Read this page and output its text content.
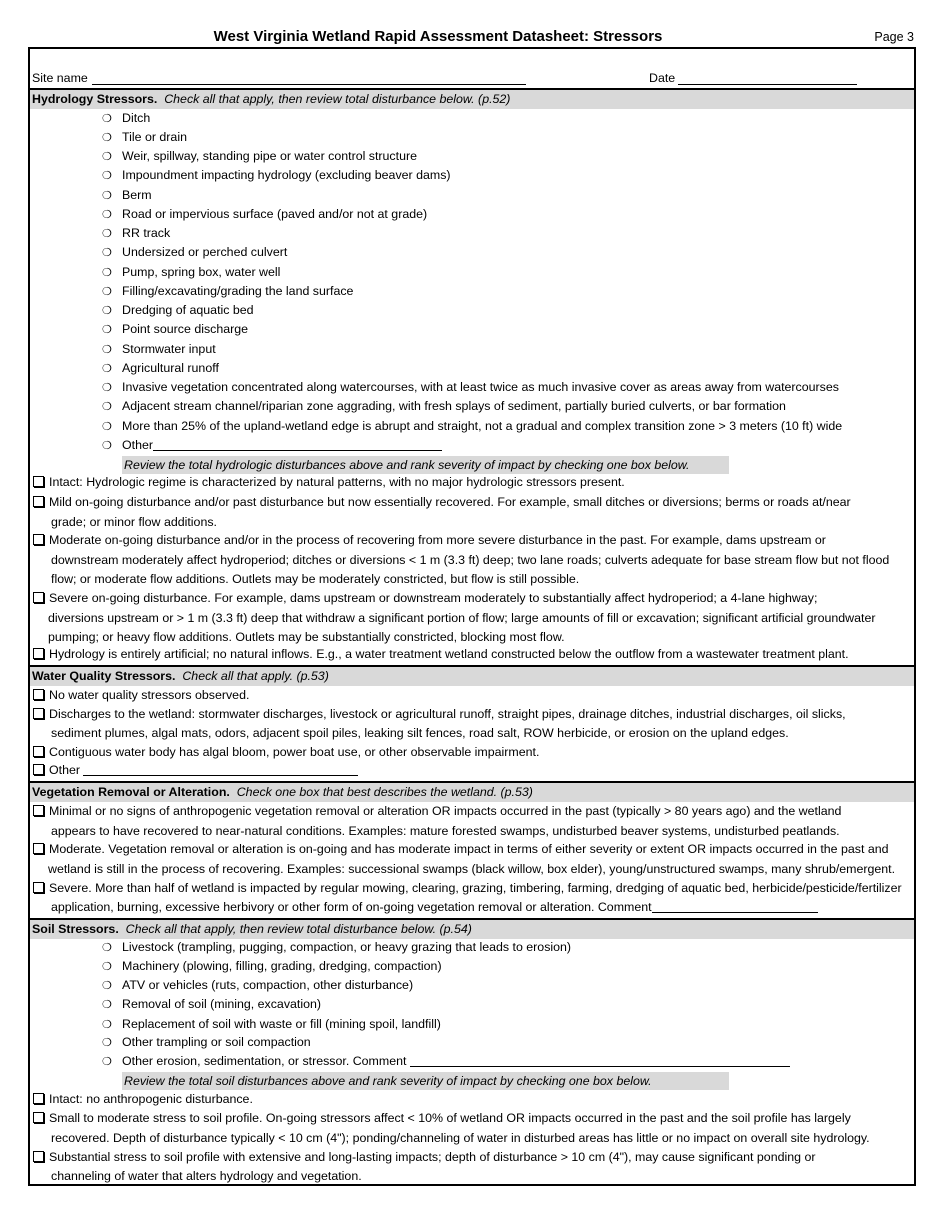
West Virginia Wetland Rapid Assessment Datasheet: Stressors	Page 3
Site name	Date
Hydrology Stressors. Check all that apply, then review total disturbance below. (p.52)
❍ Ditch
❍ Tile or drain
❍ Weir, spillway, standing pipe or water control structure
❍ Impoundment impacting hydrology (excluding beaver dams)
❍ Berm
❍ Road or impervious surface (paved and/or not at grade)
❍ RR track
❍ Undersized or perched culvert
❍ Pump, spring box, water well
❍ Filling/excavating/grading the land surface
❍ Dredging of aquatic bed
❍ Point source discharge
❍ Stormwater input
❍ Agricultural runoff
❍ Invasive vegetation concentrated along watercourses, with at least twice as much invasive cover as areas away from watercourses
❍ Adjacent stream channel/riparian zone aggrading, with fresh splays of sediment, partially buried culverts, or bar formation
❍ More than 25% of the upland-wetland edge is abrupt and straight, not a gradual and complex transition zone > 3 meters (10 ft) wide
❍ Other
Review the total hydrologic disturbances above and rank severity of impact by checking one box below.
Intact: Hydrologic regime is characterized by natural patterns, with no major hydrologic stressors present.
Mild on-going disturbance and/or past disturbance but now essentially recovered. For example, small ditches or diversions; berms or roads at/near
grade; or minor flow additions.
Moderate on-going disturbance and/or in the process of recovering from more severe disturbance in the past. For example, dams upstream or
downstream moderately affect hydroperiod; ditches or diversions < 1 m (3.3 ft) deep; two lane roads; culverts adequate for base stream flow but not flood
flow; or moderate flow additions. Outlets may be moderately constricted, but flow is still possible.
Severe on-going disturbance. For example, dams upstream or downstream moderately to substantially affect hydroperiod; a 4-lane highway;
diversions upstream or > 1 m (3.3 ft) deep that withdraw a significant portion of flow; large amounts of fill or excavation; significant artificial groundwater
pumping; or heavy flow additions. Outlets may be substantially constricted, blocking most flow.
Hydrology is entirely artificial; no natural inflows. E.g., a water treatment wetland constructed below the outflow from a wastewater treatment plant.
Water Quality Stressors. Check all that apply. (p.53)
No water quality stressors observed.
Discharges to the wetland: stormwater discharges, livestock or agricultural runoff, straight pipes, drainage ditches, industrial discharges, oil slicks,
sediment plumes, algal mats, odors, adjacent spoil piles, leaking silt fences, road salt, ROW herbicide, or erosion on the upland edges.
Contiguous water body has algal bloom, power boat use, or other observable impairment.
Other
Vegetation Removal or Alteration. Check one box that best describes the wetland. (p.53)
Minimal or no signs of anthropogenic vegetation removal or alteration OR impacts occurred in the past (typically > 80 years ago) and the wetland
appears to have recovered to near-natural conditions. Examples: mature forested swamps, undisturbed beaver systems, undisturbed peatlands.
Moderate. Vegetation removal or alteration is on-going and has moderate impact in terms of either severity or extent OR impacts occurred in the past and
wetland is still in the process of recovering. Examples: successional swamps (black willow, box elder), young/unstructured swamps, many shrub/emergent.
Severe. More than half of wetland is impacted by regular mowing, clearing, grazing, timbering, farming, dredging of aquatic bed, herbicide/pesticide/fertilizer
application, burning, excessive herbivory or other form of on-going vegetation removal or alteration. Comment
Soil Stressors. Check all that apply, then review total disturbance below. (p.54)
❍ Livestock (trampling, pugging, compaction, or heavy grazing that leads to erosion)
❍ Machinery (plowing, filling, grading, dredging, compaction)
❍ ATV or vehicles (ruts, compaction, other disturbance)
❍ Removal of soil (mining, excavation)
❍ Replacement of soil with waste or fill (mining spoil, landfill)
❍ Other trampling or soil compaction
❍ Other erosion, sedimentation, or stressor. Comment
Review the total soil disturbances above and rank severity of impact by checking one box below.
Intact: no anthropogenic disturbance.
Small to moderate stress to soil profile. On-going stressors affect < 10% of wetland OR impacts occurred in the past and the soil profile has largely
recovered. Depth of disturbance typically < 10 cm (4"); ponding/channeling of water in disturbed areas has little or no impact on overall site hydrology.
Substantial stress to soil profile with extensive and long-lasting impacts; depth of disturbance > 10 cm (4"), may cause significant ponding or
channeling of water that alters hydrology and vegetation.
